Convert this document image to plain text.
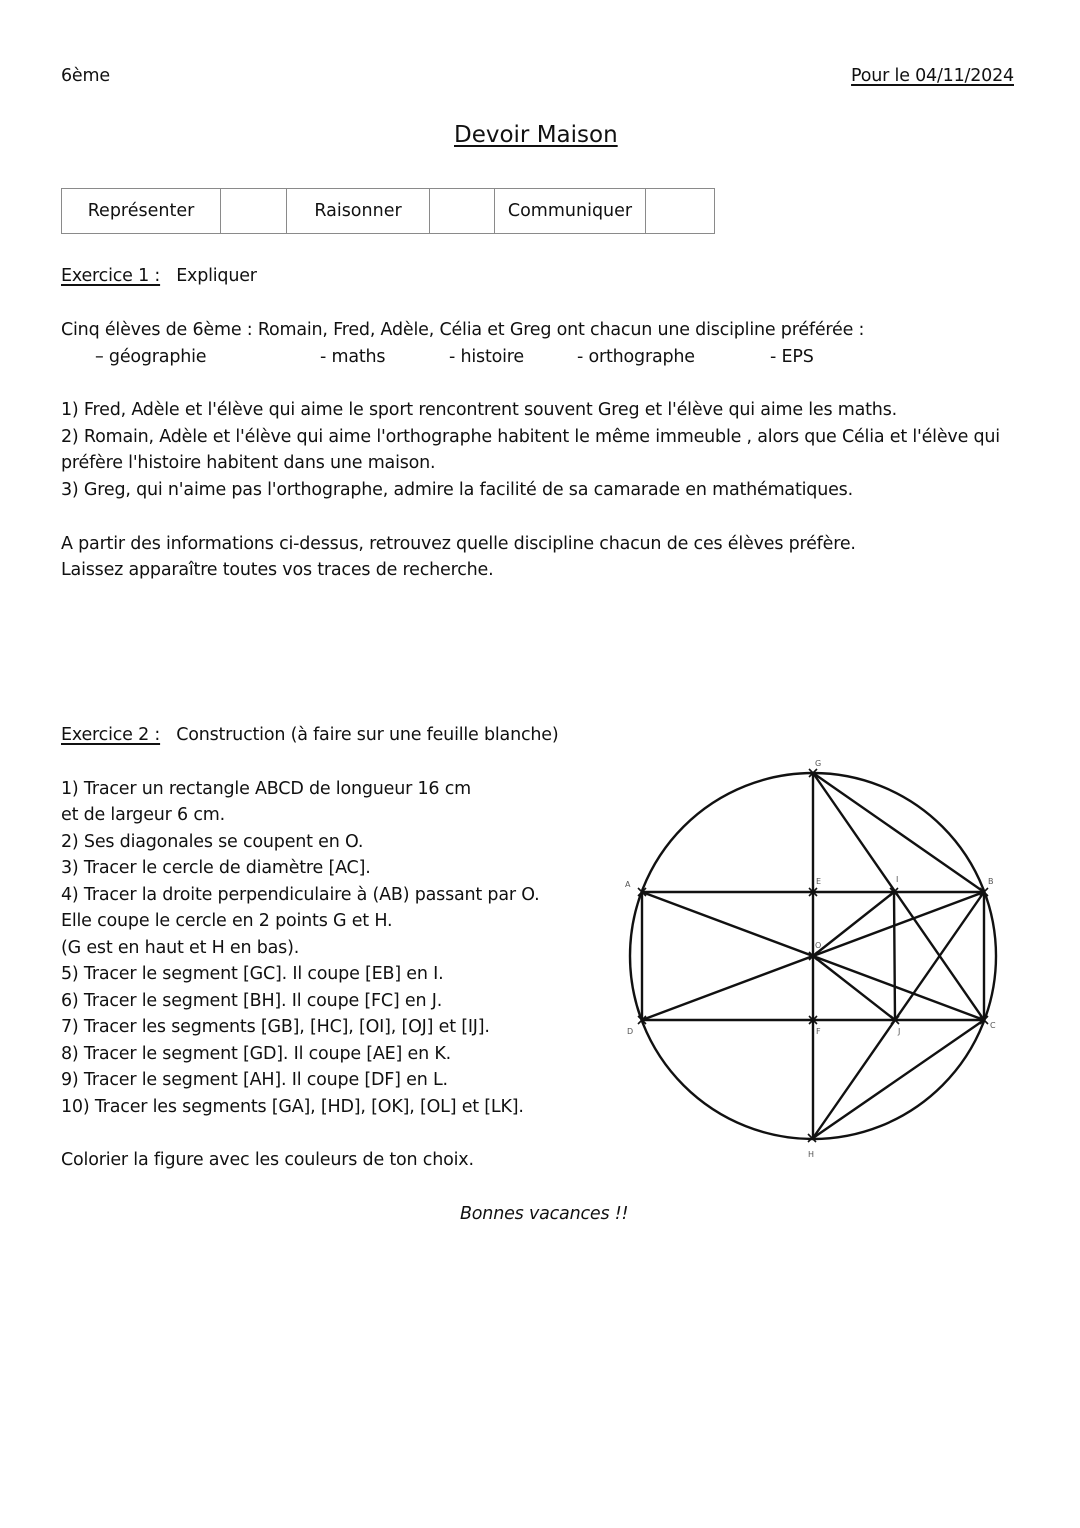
6ème	Pour le 04/11/2024
Devoir Maison
Représenter		Raisonner		Communiquer	
Exercice 1 : Expliquer
Cinq élèves de 6ème : Romain, Fred, Adèle, Célia et Greg ont chacun une discipline préférée :
– géographie	- maths	- histoire	- orthographe	- EPS
1) Fred, Adèle et l'élève qui aime le sport rencontrent souvent Greg et l'élève qui aime les maths.
2) Romain, Adèle et l'élève qui aime l'orthographe habitent le même immeuble , alors que Célia et l'élève qui
préfère l'histoire habitent dans une maison.
3) Greg, qui n'aime pas l'orthographe, admire la facilité de sa camarade en mathématiques.
A partir des informations ci-dessus, retrouvez quelle discipline chacun de ces élèves préfère.
Laissez apparaître toutes vos traces de recherche.
Exercice 2 : Construction (à faire sur une feuille blanche)
1) Tracer un rectangle ABCD de longueur 16 cm
et de largeur 6 cm.
2) Ses diagonales se coupent en O.
3) Tracer le cercle de diamètre [AC].
4) Tracer la droite perpendiculaire à (AB) passant par O.
Elle coupe le cercle en 2 points G et H.
(G est en haut et H en bas).
5) Tracer le segment [GC]. Il coupe [EB] en I.
6) Tracer le segment [BH]. Il coupe [FC] en J.
7) Tracer les segments [GB], [HC], [OI], [OJ] et [IJ].
8) Tracer le segment [GD]. Il coupe [AE] en K.
9) Tracer le segment [AH]. Il coupe [DF] en L.
10) Tracer les segments [GA], [HD], [OK], [OL] et [LK].
Colorier la figure avec les couleurs de ton choix.
Bonnes vacances !!
A	B
C
D
E
F
G
H
I
J
O
